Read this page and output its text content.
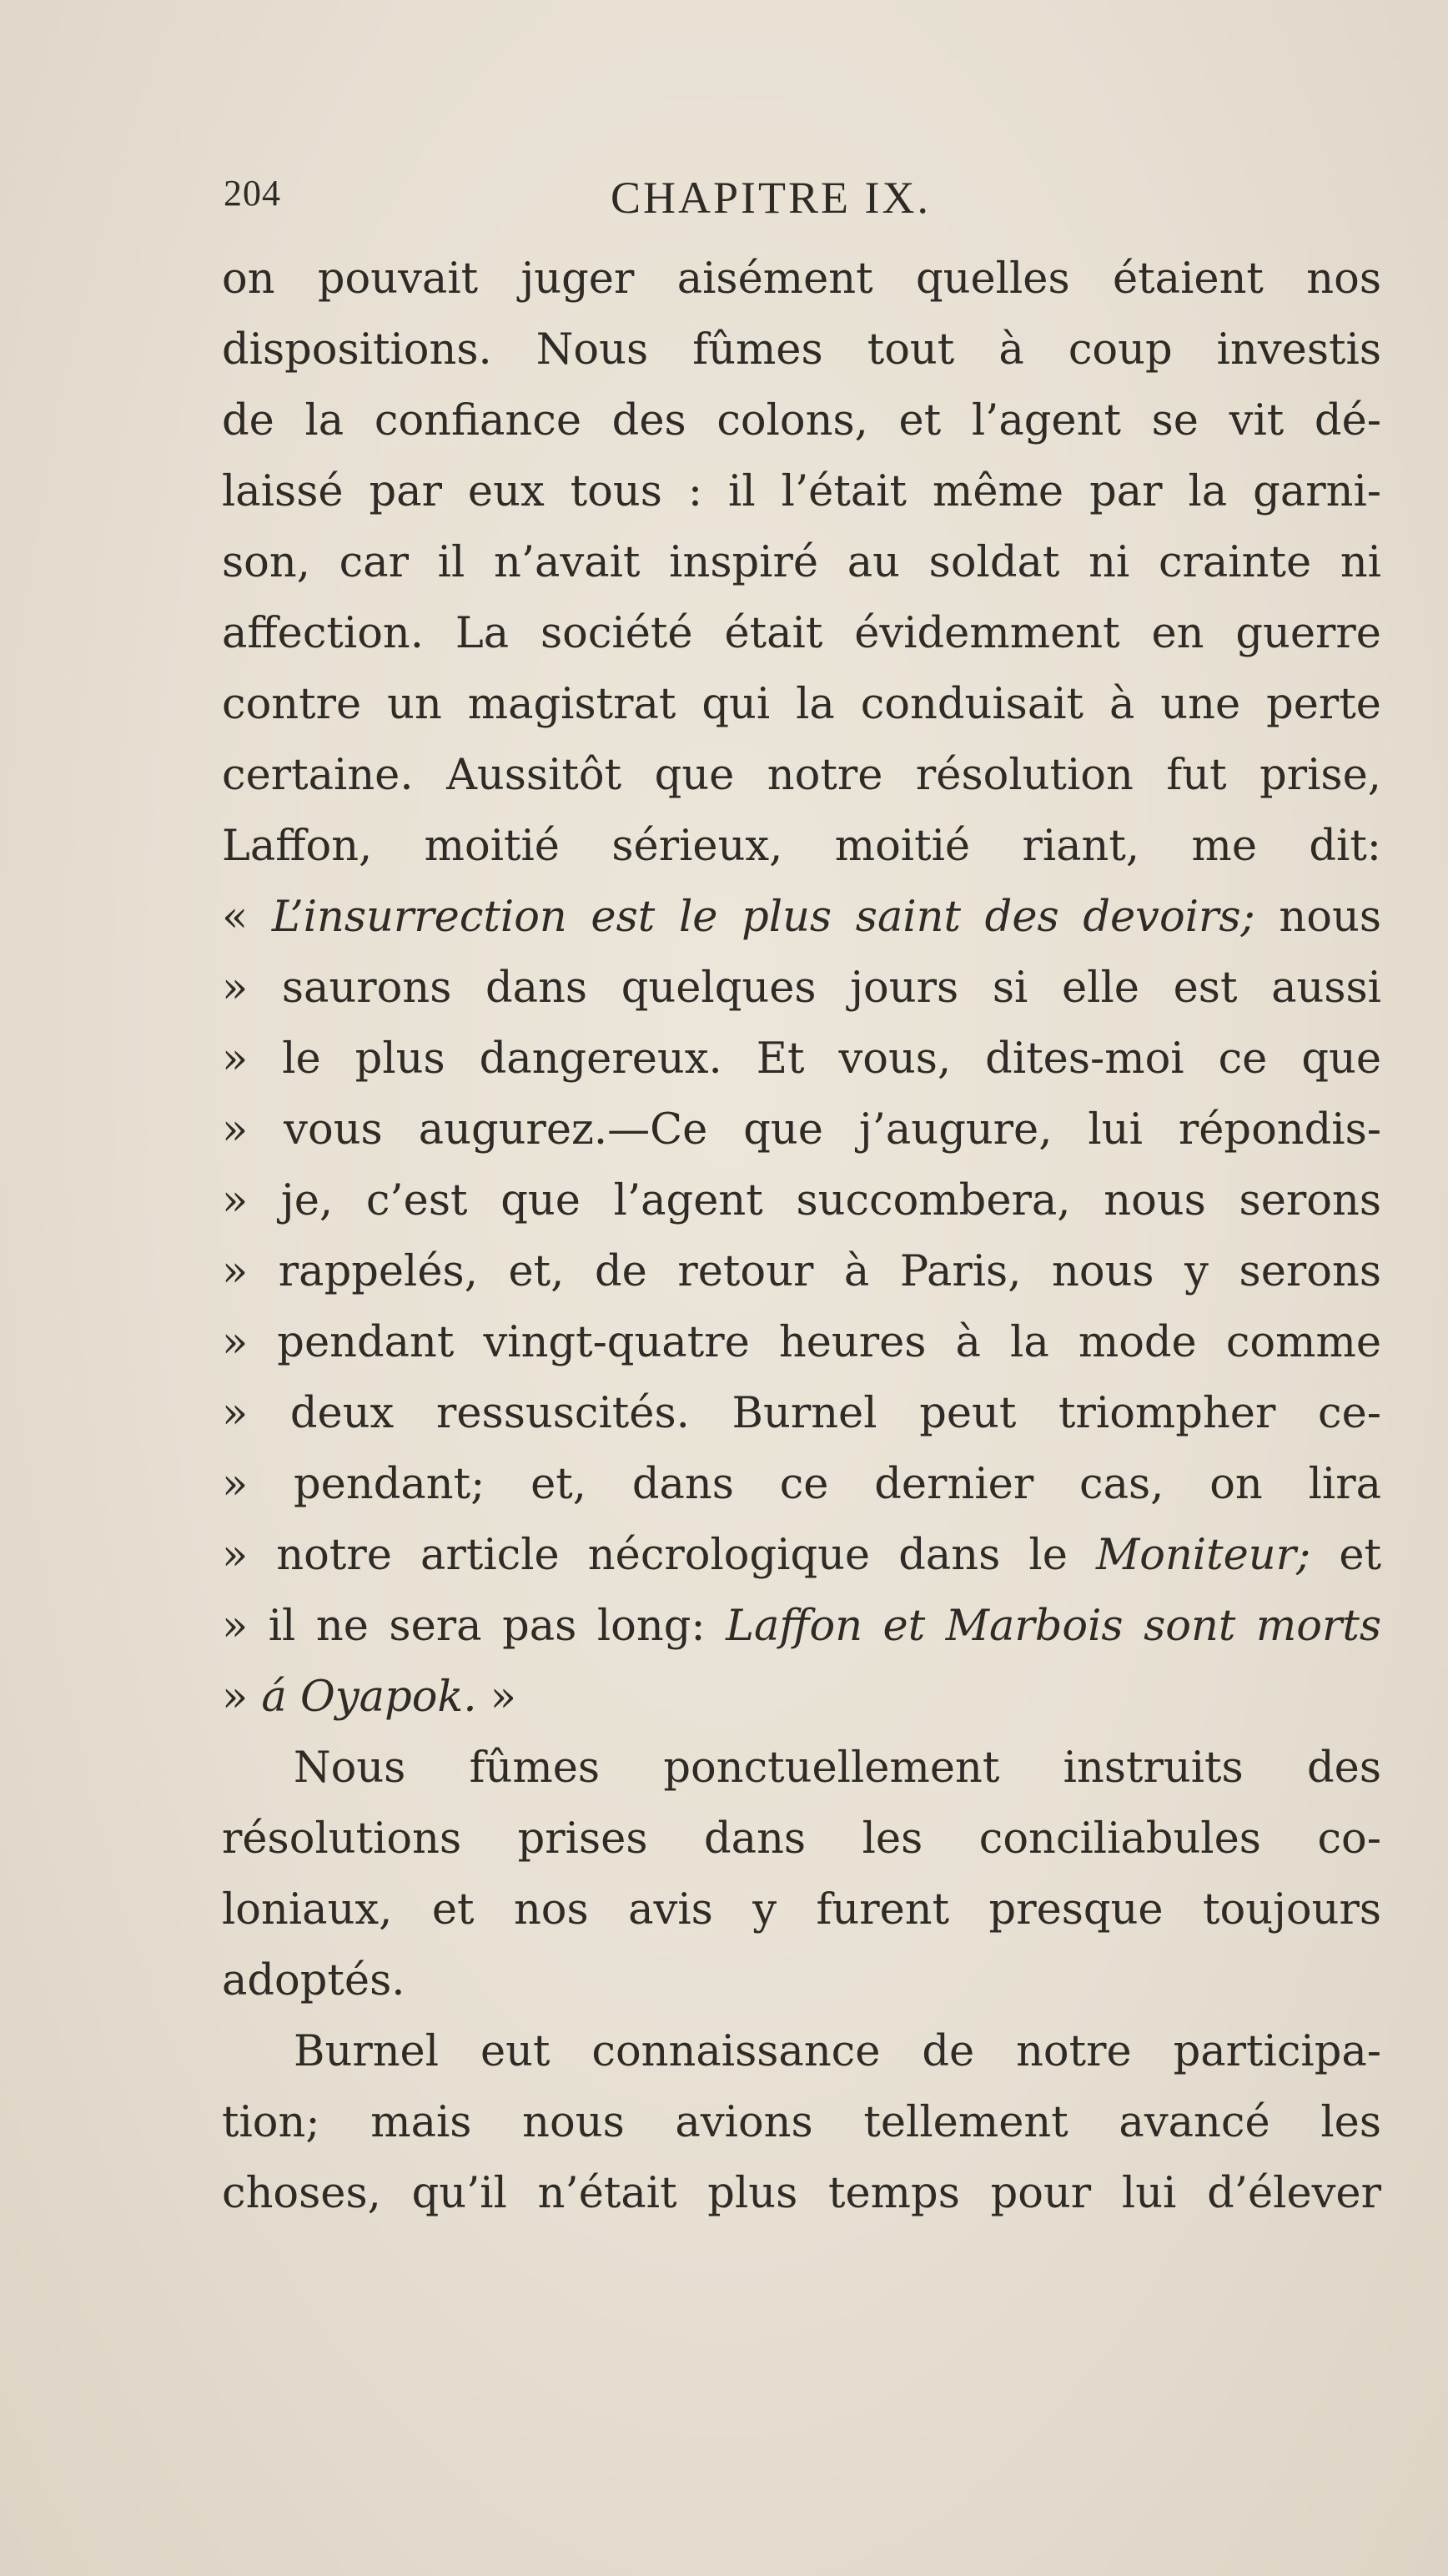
204	CHAPITRE IX.
on pouvait juger aisément quelles étaient nos
dispositions. Nous fûmes tout à coup investis
de la confiance des colons, et l’agent se vit dé-
laissé par eux tous : il l’était même par la garni-
son, car il n’avait inspiré au soldat ni crainte ni
affection. La société était évidemment en guerre
contre un magistrat qui la conduisait à une perte
certaine. Aussitôt que notre résolution fut prise,
Laffon, moitié sérieux, moitié riant, me dit:
« L’insurrection est le plus saint des devoirs; nous
» saurons dans quelques jours si elle est aussi
» le plus dangereux. Et vous, dites-moi ce que
» vous augurez.—Ce que j’augure, lui répondis-
» je, c’est que l’agent succombera, nous serons
» rappelés, et, de retour à Paris, nous y serons
» pendant vingt-quatre heures à la mode comme
» deux ressuscités. Burnel peut triompher ce-
» pendant; et, dans ce dernier cas, on lira
» notre article nécrologique dans le Moniteur; et
» il ne sera pas long: Laffon et Marbois sont morts
» á Oyapok. »
Nous fûmes ponctuellement instruits des
résolutions prises dans les conciliabules co-
loniaux, et nos avis y furent presque toujours
adoptés.
Burnel eut connaissance de notre participa-
tion; mais nous avions tellement avancé les
choses, qu’il n’était plus temps pour lui d’élever
